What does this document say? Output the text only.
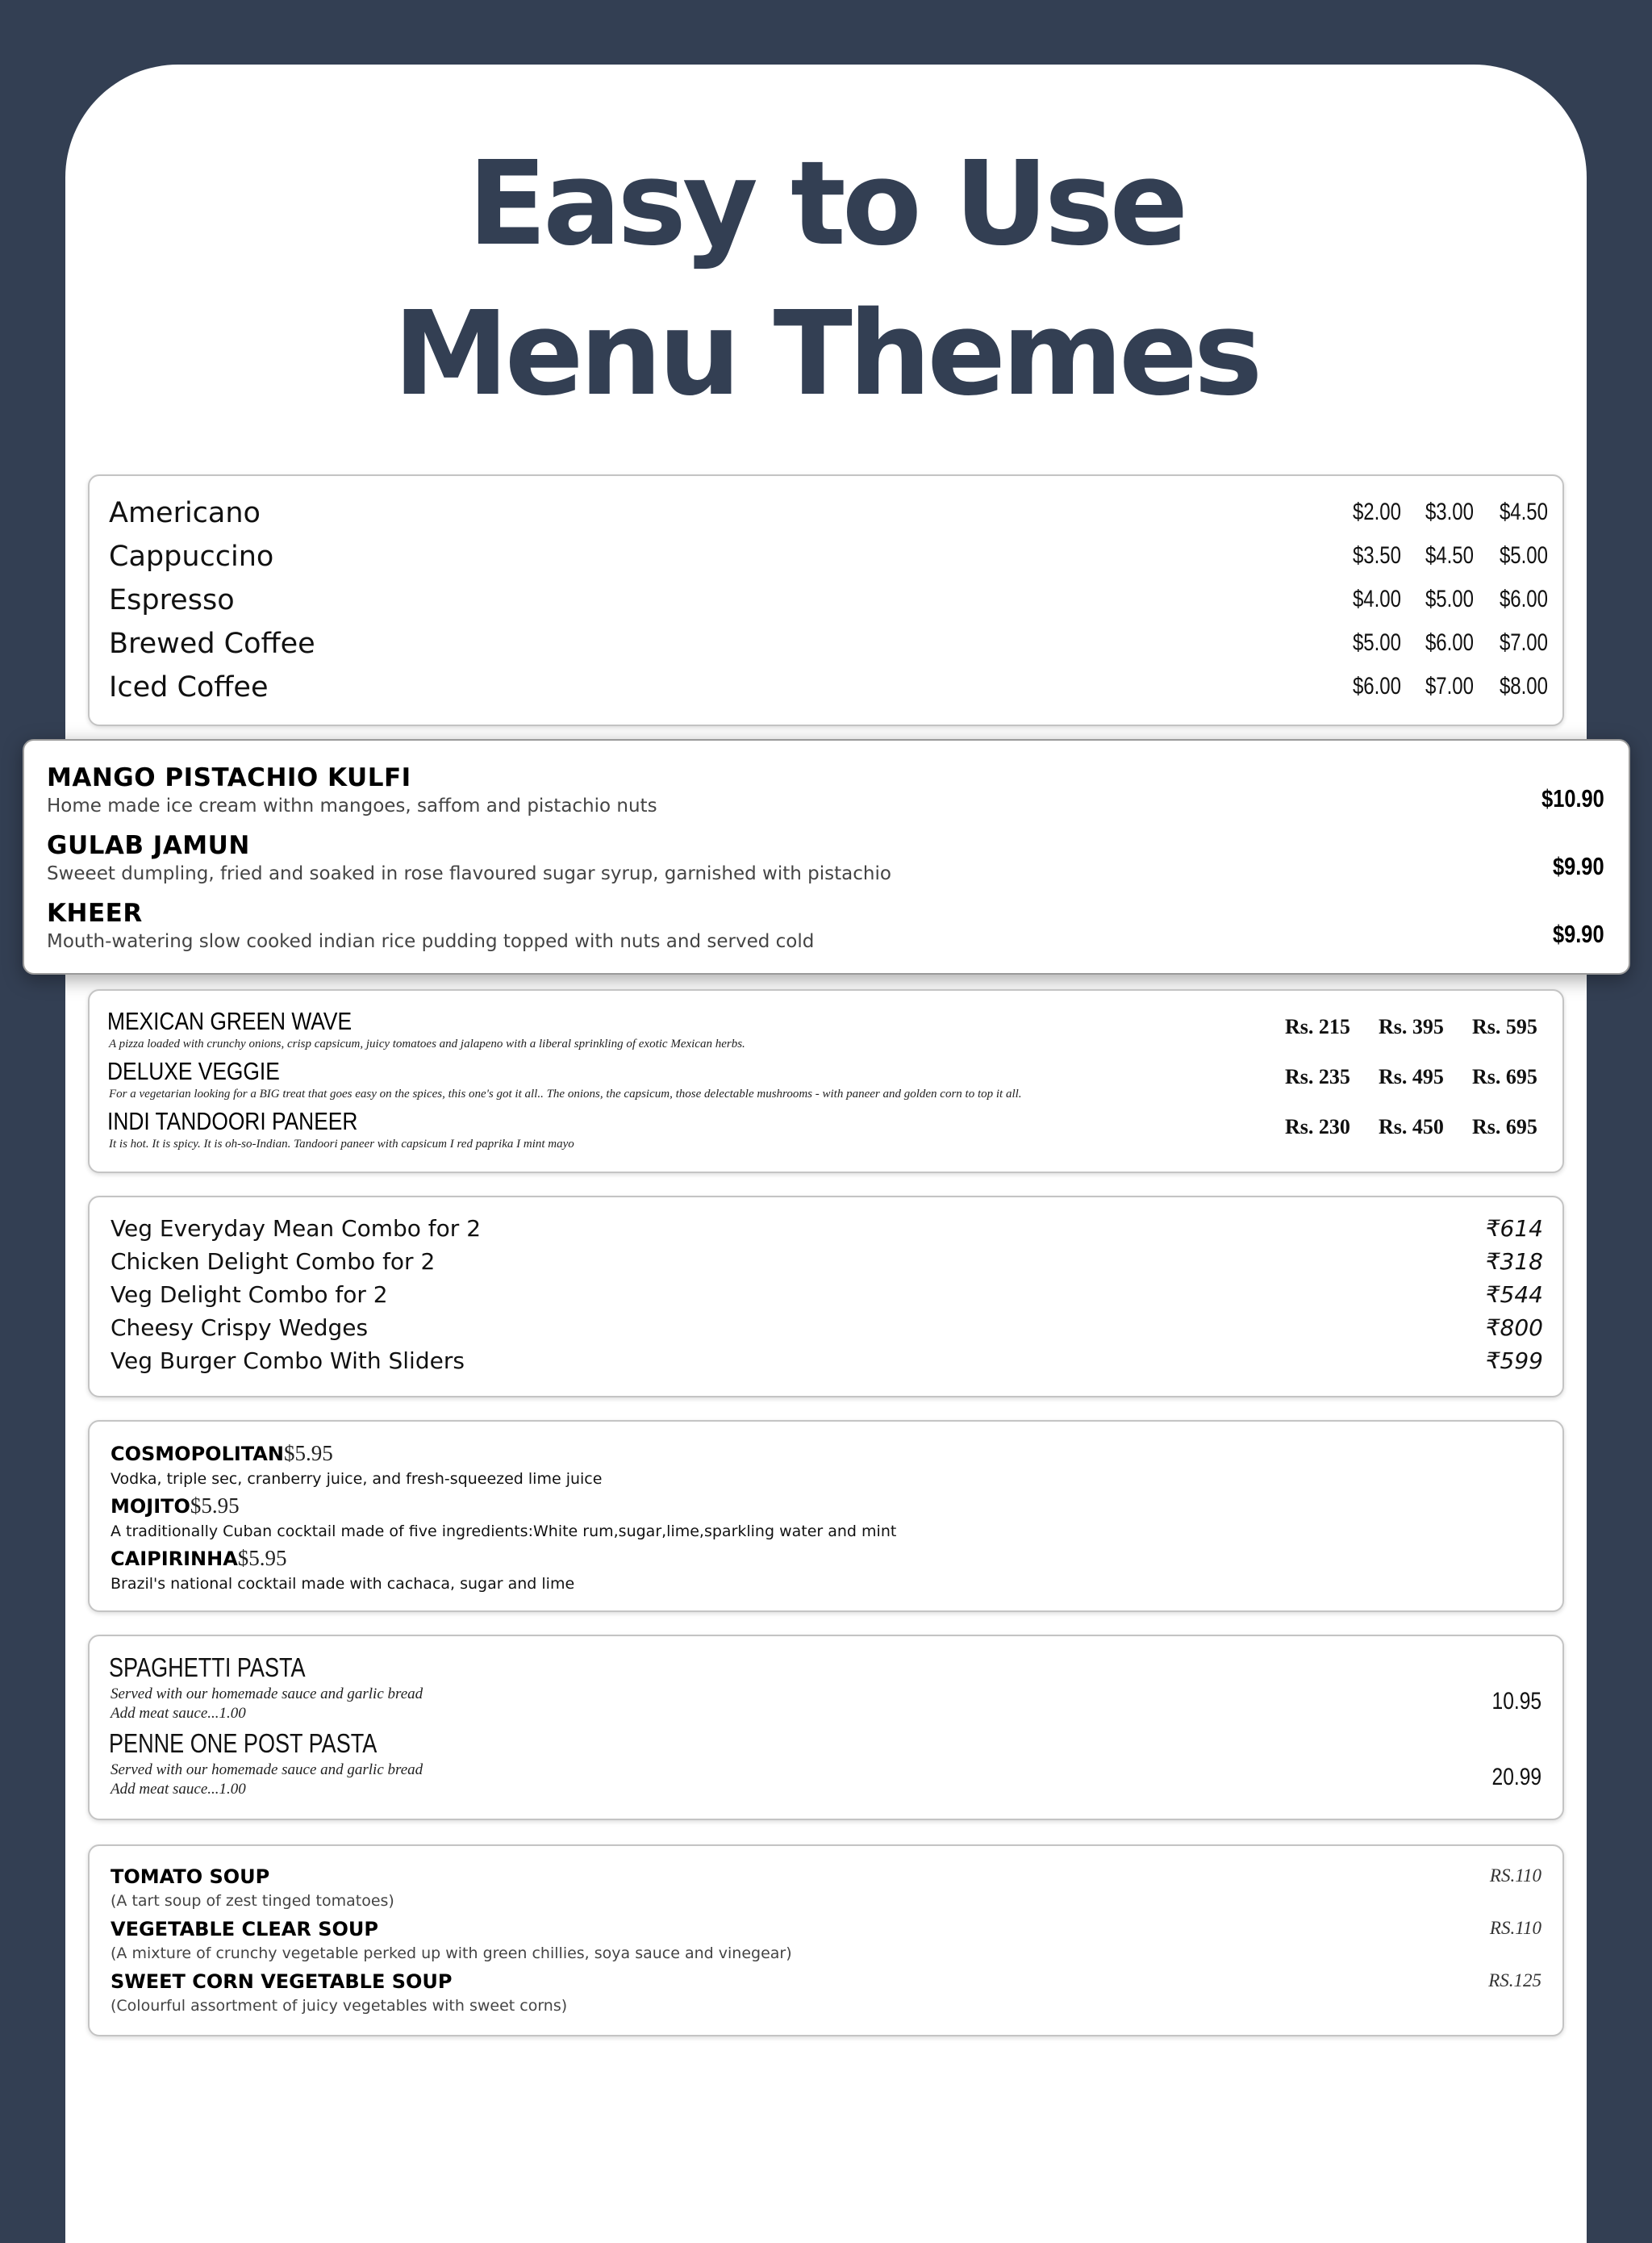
Easy to Use
Menu Themes
Americano	$2.00 $3.00 $4.50
Cappuccino	$3.50 $4.50 $5.00
Espresso	$4.00 $5.00 $6.00
Brewed Coffee	$5.00 $6.00 $7.00
Iced Coffee	$6.00 $7.00 $8.00
MANGO PISTACHIO KULFI
Home made ice cream withn mangoes, saffom and pistachio nuts	$10.90
GULAB JAMUN
Sweeet dumpling, fried and soaked in rose flavoured sugar syrup, garnished with pistachio	$9.90
KHEER
Mouth-watering slow cooked indian rice pudding topped with nuts and served cold	$9.90
MEXICAN GREEN WAVE
A pizza loaded with crunchy onions, crisp capsicum, juicy tomatoes and jalapeno with a liberal sprinkling of exotic Mexican herbs.
Rs. 215 Rs. 395 Rs. 595
DELUXE VEGGIE
For a vegetarian looking for a BIG treat that goes easy on the spices, this one's got it all.. The onions, the capsicum, those delectable mushrooms - with paneer and golden corn to top it all.
Rs. 235 Rs. 495 Rs. 695
INDI TANDOORI PANEER
It is hot. It is spicy. It is oh-so-Indian. Tandoori paneer with capsicum I red paprika I mint mayo
Rs. 230 Rs. 450 Rs. 695
Veg Everyday Mean Combo for 2	₹614
Chicken Delight Combo for 2	₹318
Veg Delight Combo for 2	₹544
Cheesy Crispy Wedges	₹800
Veg Burger Combo With Sliders	₹599
COSMOPOLITAN$5.95
Vodka, triple sec, cranberry juice, and fresh-squeezed lime juice
MOJITO$5.95
A traditionally Cuban cocktail made of five ingredients:White rum,sugar,lime,sparkling water and mint
CAIPIRINHA$5.95
Brazil's national cocktail made with cachaca, sugar and lime
SPAGHETTI PASTA
Served with our homemade sauce and garlic bread
Add meat sauce...1.00	10.95
PENNE ONE POST PASTA
Served with our homemade sauce and garlic bread
Add meat sauce...1.00	20.99
TOMATO SOUP
(A tart soup of zest tinged tomatoes)
RS.110
VEGETABLE CLEAR SOUP
(A mixture of crunchy vegetable perked up with green chillies, soya sauce and vinegear)
RS.110
SWEET CORN VEGETABLE SOUP
(Colourful assortment of juicy vegetables with sweet corns)
RS.125
